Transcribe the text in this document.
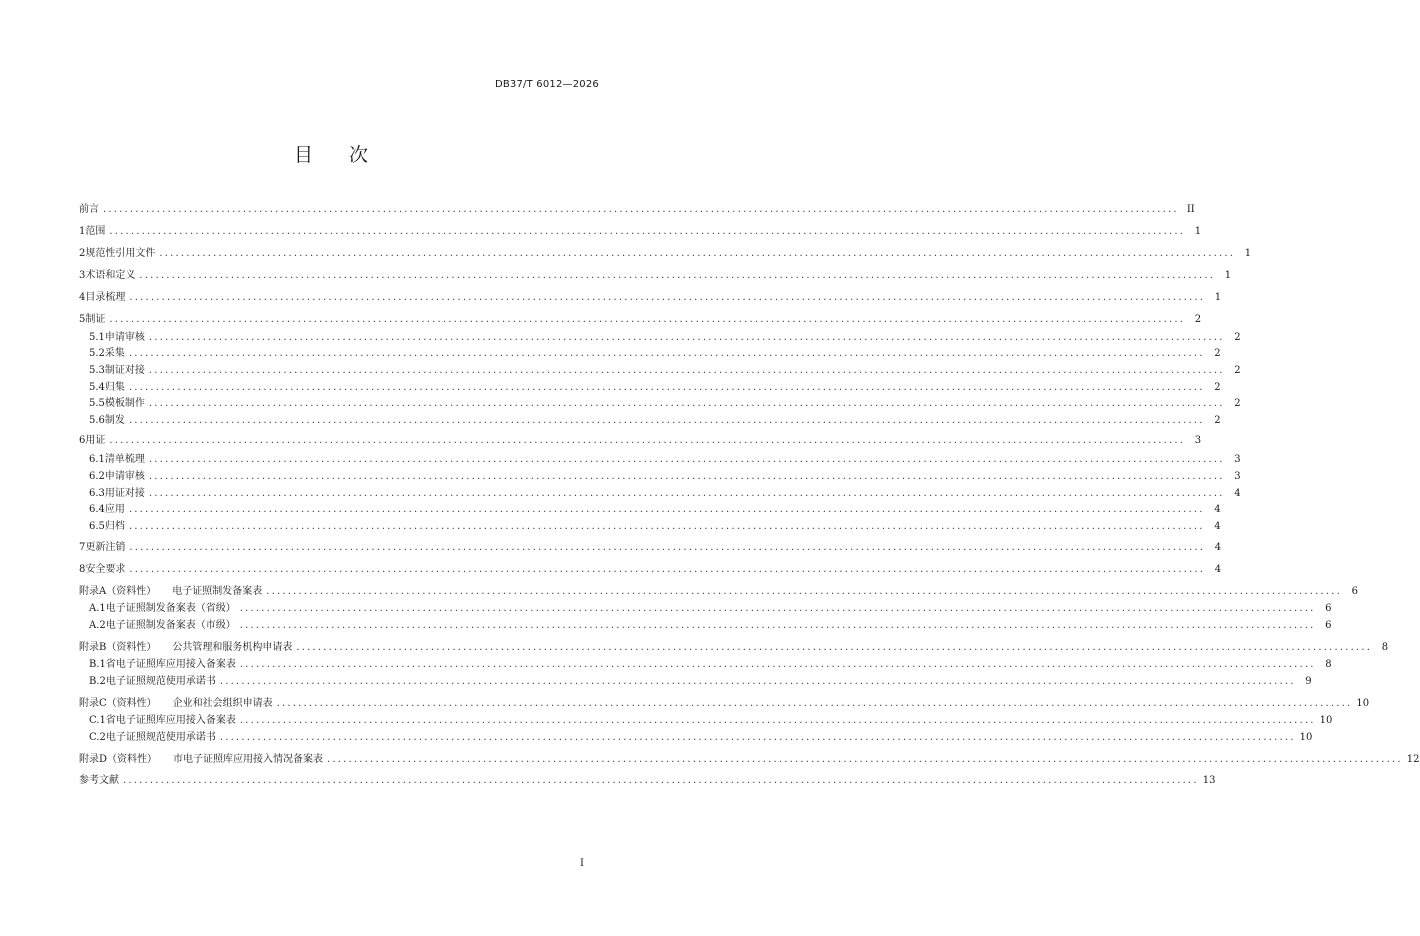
DB37/T 6012—2026
目 次
前言 ........................................................................................................................................................................................................ II
1 范围 ........................................................................................................................................................................................................ 1
2 规范性引用文件 ........................................................................................................................................................................................................ 1
3 术语和定义 ........................................................................................................................................................................................................ 1
4 目录梳理 ........................................................................................................................................................................................................ 1
5 制证 ........................................................................................................................................................................................................ 2
5.1 申请审核 ........................................................................................................................................................................................................ 2
5.2 采集 ........................................................................................................................................................................................................ 2
5.3 制证对接 ........................................................................................................................................................................................................ 2
5.4 归集 ........................................................................................................................................................................................................ 2
5.5 模板制作 ........................................................................................................................................................................................................ 2
5.6 制发 ........................................................................................................................................................................................................ 2
6 用证 ........................................................................................................................................................................................................ 3
6.1 清单梳理 ........................................................................................................................................................................................................ 3
6.2 申请审核 ........................................................................................................................................................................................................ 3
6.3 用证对接 ........................................................................................................................................................................................................ 4
6.4 应用 ........................................................................................................................................................................................................ 4
6.5 归档 ........................................................................................................................................................................................................ 4
7 更新注销 ........................................................................................................................................................................................................ 4
8 安全要求 ........................................................................................................................................................................................................ 4
附录A（资料性） 电子证照制发备案表 ........................................................................................................................................................................................................ 6
A.1 电子证照制发备案表（省级） ........................................................................................................................................................................................................ 6
A.2 电子证照制发备案表（市级） ........................................................................................................................................................................................................ 6
附录B（资料性） 公共管理和服务机构申请表 ........................................................................................................................................................................................................ 8
B.1 省电子证照库应用接入备案表 ........................................................................................................................................................................................................ 8
B.2 电子证照规范使用承诺书 ........................................................................................................................................................................................................ 9
附录C（资料性） 企业和社会组织申请表 ........................................................................................................................................................................................................ 10
C.1 省电子证照库应用接入备案表 ........................................................................................................................................................................................................ 10
C.2 电子证照规范使用承诺书 ........................................................................................................................................................................................................ 10
附录D（资料性） 市电子证照库应用接入情况备案表 ........................................................................................................................................................................................................ 12
参考文献 ........................................................................................................................................................................................................ 13
I
